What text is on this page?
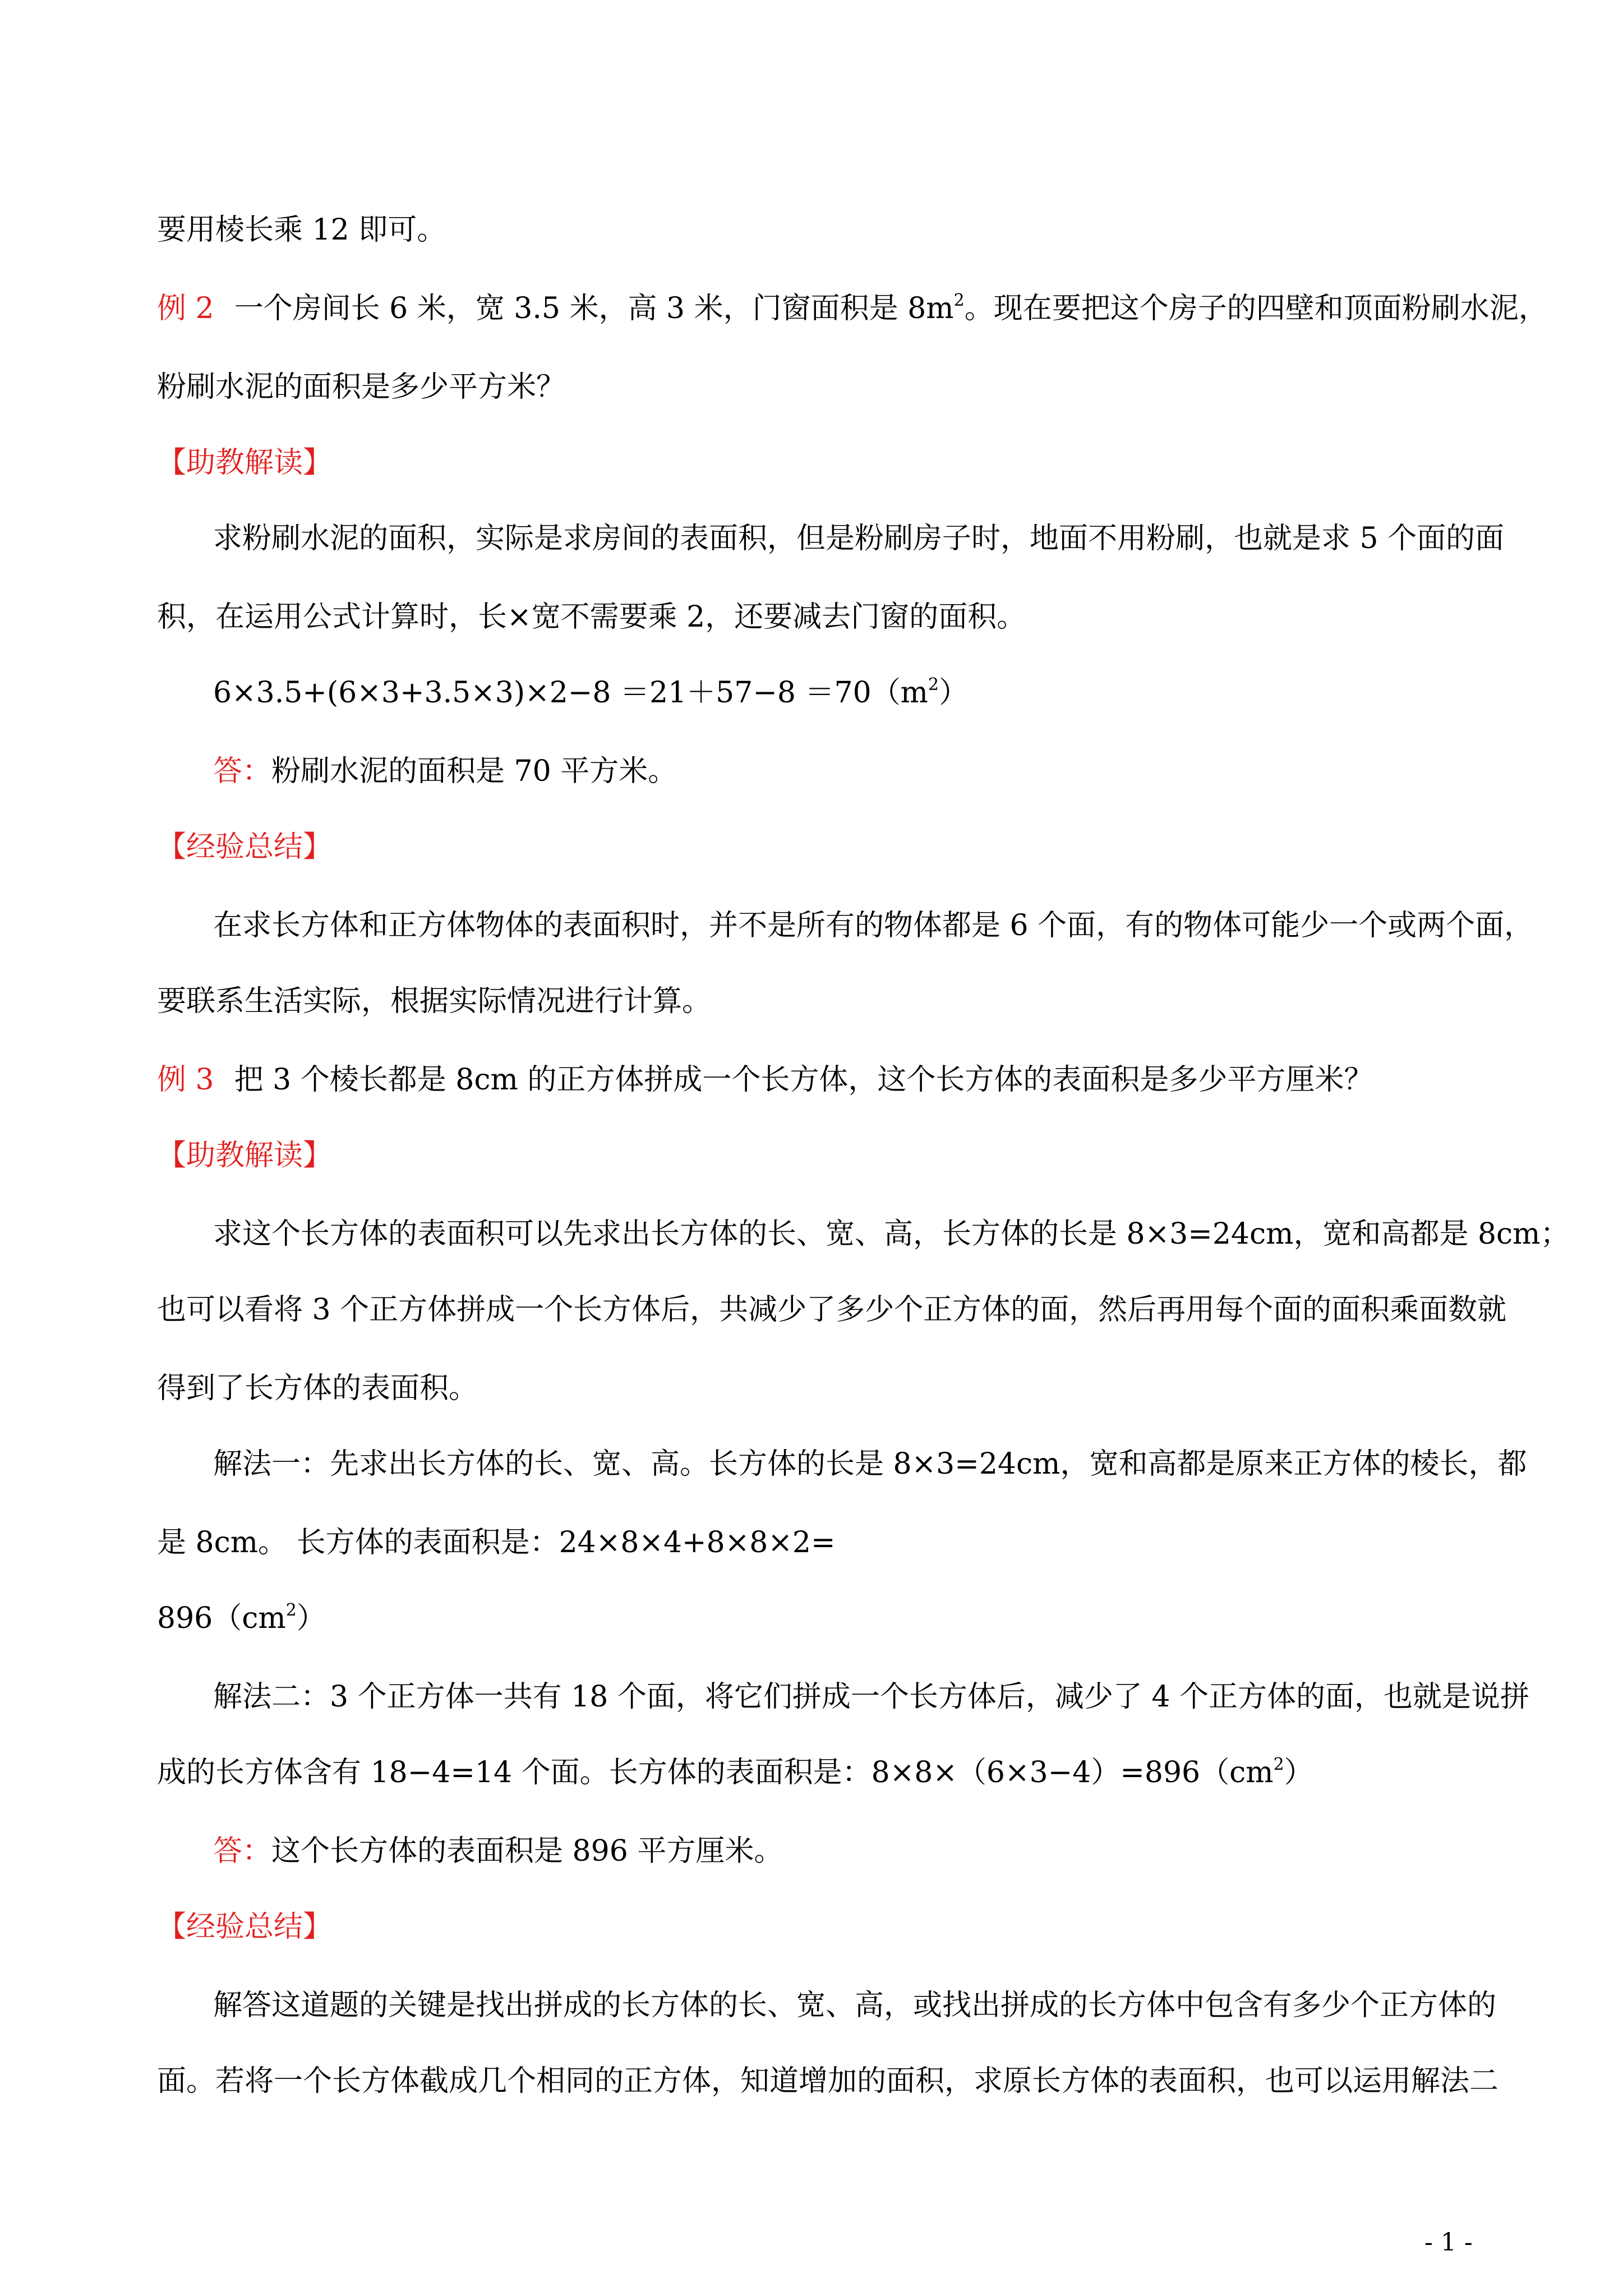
要用棱长乘 12 即可。
例 2 一个房间长 6 米，宽 3.5 米，高 3 米，门窗面积是 $8m^2$。现在要把这个房子的四壁和顶面粉刷水泥，
粉刷水泥的面积是多少平方米？
【助教解读】
求粉刷水泥的面积，实际是求房间的表面积，但是粉刷房子时，地面不用粉刷，也就是求 5 个面的面
积，在运用公式计算时，长×宽不需要乘 2，还要减去门窗的面积。
$6\times 3.5+(6\times 3+3.5\times 3)\times 2-8 =21+57-8 =70(m^2)$
答：粉刷水泥的面积是 70 平方米。
【经验总结】
在求长方体和正方体物体的表面积时，并不是所有的物体都是 6 个面，有的物体可能少一个或两个面，
要联系生活实际，根据实际情况进行计算。
例 3 把 3 个棱长都是 8cm 的正方体拼成一个长方体，这个长方体的表面积是多少平方厘米？
【助教解读】
求这个长方体的表面积可以先求出长方体的长、宽、高，长方体的长是 8×3=24cm，宽和高都是 8cm；
也可以看将 3 个正方体拼成一个长方体后，共减少了多少个正方体的面，然后再用每个面的面积乘面数就
得到了长方体的表面积。
解法一：先求出长方体的长、宽、高。长方体的长是 8×3=24cm，宽和高都是原来正方体的棱长，都
是 8cm。 长方体的表面积是：24×8×4+8×8×2=
$896(cm^2)$
解法二：3 个正方体一共有 18 个面，将它们拼成一个长方体后，减少了 4 个正方体的面，也就是说拼
成的长方体含有 18−4=14 个面。长方体的表面积是：$8\times 8\times(6\times 3-4)=896(cm^2)$
答：这个长方体的表面积是 896 平方厘米。
【经验总结】
解答这道题的关键是找出拼成的长方体的长、宽、高，或找出拼成的长方体中包含有多少个正方体的
面。若将一个长方体截成几个相同的正方体，知道增加的面积，求原长方体的表面积，也可以运用解法二
- 1 -
